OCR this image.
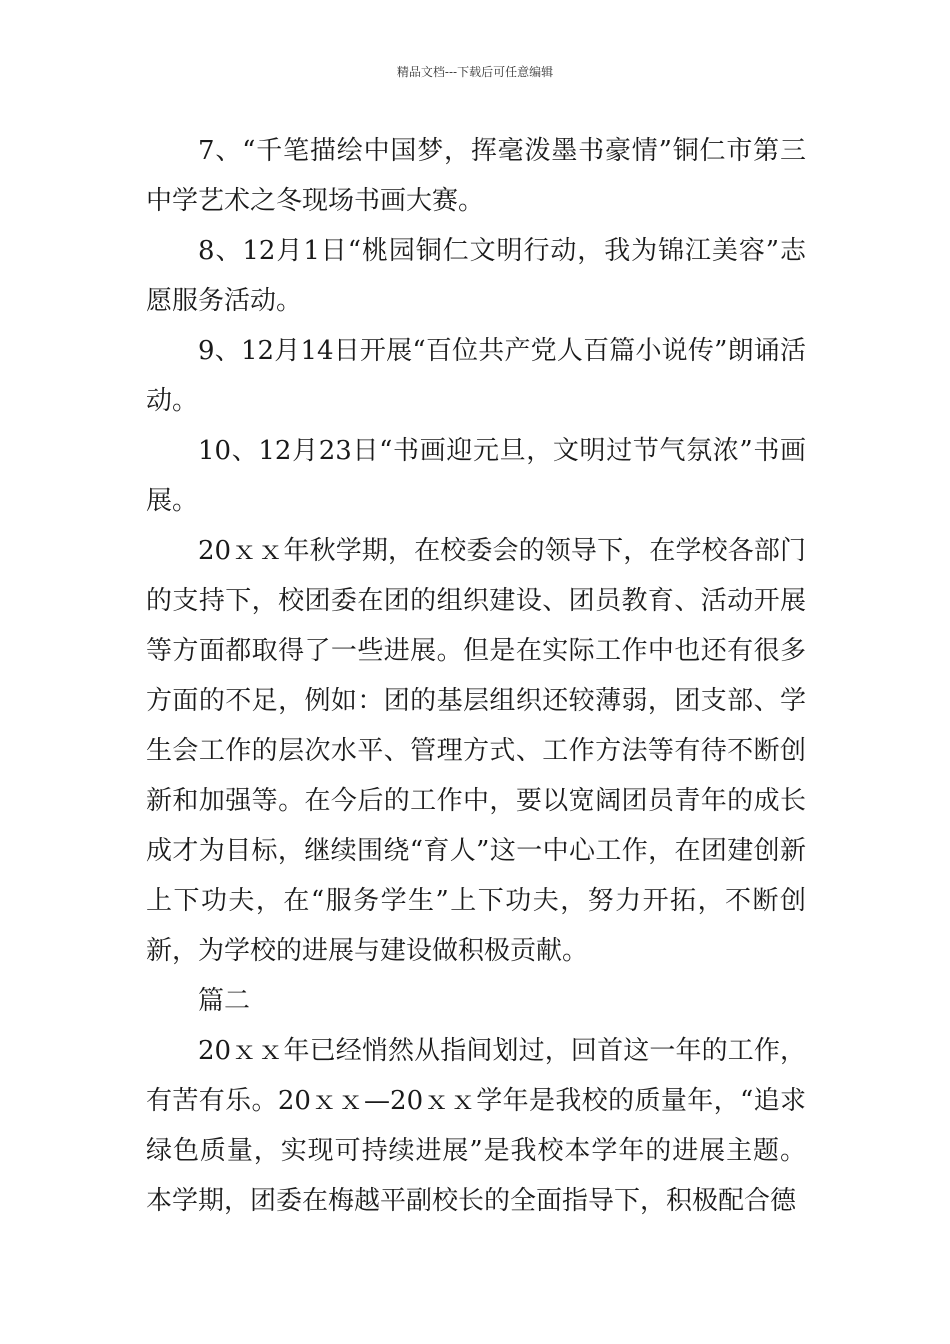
精品文档---下载后可任意编辑

7、“千笔描绘中国梦，挥毫泼墨书豪情”铜仁市第三中学艺术之冬现场书画大赛。

8、12月1日“桃园铜仁文明行动，我为锦江美容”志愿服务活动。

9、12月14日开展“百位共产党人百篇小说传”朗诵活动。

10、12月23日“书画迎元旦，文明过节气氛浓”书画展。

20ｘｘ年秋学期，在校委会的领导下，在学校各部门的支持下，校团委在团的组织建设、团员教育、活动开展等方面都取得了一些进展。但是在实际工作中也还有很多方面的不足，例如：团的基层组织还较薄弱，团支部、学生会工作的层次水平、管理方式、工作方法等有待不断创新和加强等。在今后的工作中，要以宽阔团员青年的成长成才为目标，继续围绕“育人”这一中心工作，在团建创新上下功夫，在“服务学生”上下功夫，努力开拓，不断创新，为学校的进展与建设做积极贡献。

篇二

20ｘｘ年已经悄然从指间划过，回首这一年的工作，有苦有乐。20ｘｘ—20ｘｘ学年是我校的质量年，“追求绿色质量，实现可持续进展”是我校本学年的进展主题。本学期，团委在梅越平副校长的全面指导下，积极配合德
